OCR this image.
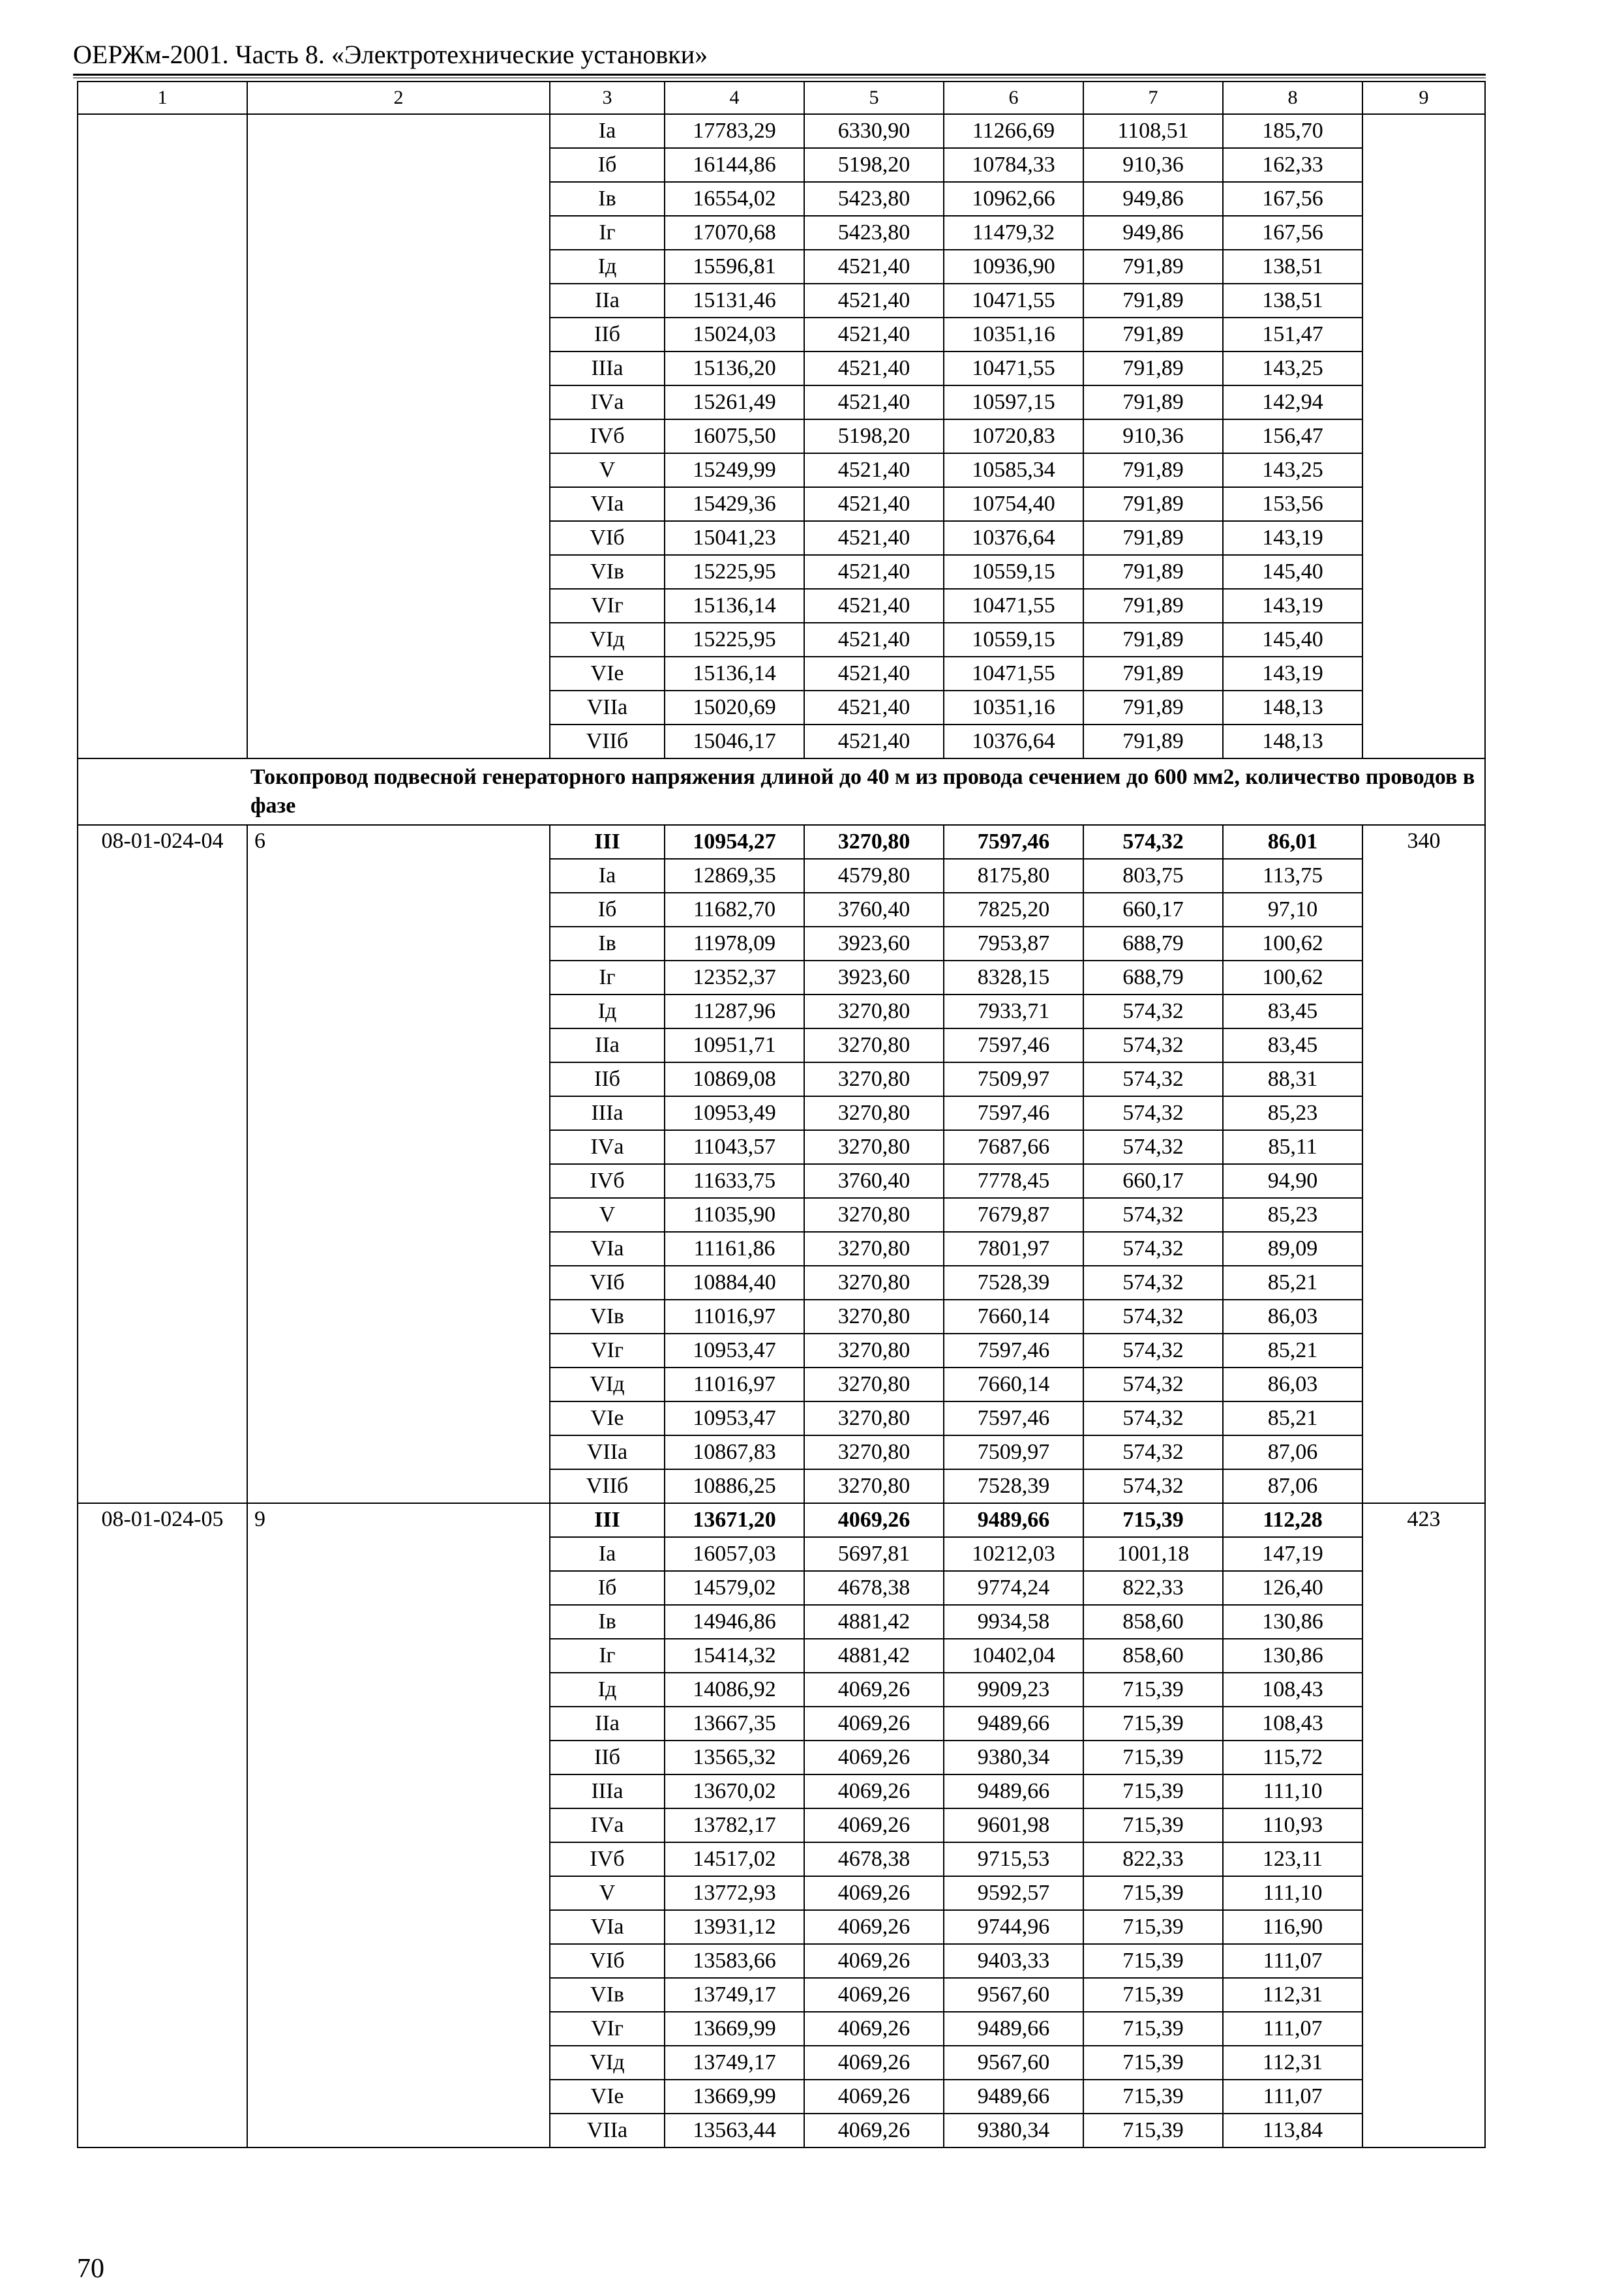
ОЕРЖм-2001. Часть 8. «Электротехнические установки»
1	2	3	4	5	6	7	8	9
		Iа	17783,29	6330,90	11266,69	1108,51	185,70	
		Iб	16144,86	5198,20	10784,33	910,36	162,33	
		Iв	16554,02	5423,80	10962,66	949,86	167,56	
		Iг	17070,68	5423,80	11479,32	949,86	167,56	
		Iд	15596,81	4521,40	10936,90	791,89	138,51	
		IIа	15131,46	4521,40	10471,55	791,89	138,51	
		IIб	15024,03	4521,40	10351,16	791,89	151,47	
		IIIа	15136,20	4521,40	10471,55	791,89	143,25	
		IVа	15261,49	4521,40	10597,15	791,89	142,94	
		IVб	16075,50	5198,20	10720,83	910,36	156,47	
		V	15249,99	4521,40	10585,34	791,89	143,25	
		VIа	15429,36	4521,40	10754,40	791,89	153,56	
		VIб	15041,23	4521,40	10376,64	791,89	143,19	
		VIв	15225,95	4521,40	10559,15	791,89	145,40	
		VIг	15136,14	4521,40	10471,55	791,89	143,19	
		VIд	15225,95	4521,40	10559,15	791,89	145,40	
		VIе	15136,14	4521,40	10471,55	791,89	143,19	
		VIIа	15020,69	4521,40	10351,16	791,89	148,13	
		VIIб	15046,17	4521,40	10376,64	791,89	148,13	
Токопровод подвесной генераторного напряжения длиной до 40 м из провода сечением до 600 мм2, количество проводов в фазе								
08-01-024-04	6	III	10954,27	3270,80	7597,46	574,32	86,01	340
		Iа	12869,35	4579,80	8175,80	803,75	113,75	
		Iб	11682,70	3760,40	7825,20	660,17	97,10	
		Iв	11978,09	3923,60	7953,87	688,79	100,62	
		Iг	12352,37	3923,60	8328,15	688,79	100,62	
		Iд	11287,96	3270,80	7933,71	574,32	83,45	
		IIа	10951,71	3270,80	7597,46	574,32	83,45	
		IIб	10869,08	3270,80	7509,97	574,32	88,31	
		IIIа	10953,49	3270,80	7597,46	574,32	85,23	
		IVа	11043,57	3270,80	7687,66	574,32	85,11	
		IVб	11633,75	3760,40	7778,45	660,17	94,90	
		V	11035,90	3270,80	7679,87	574,32	85,23	
		VIа	11161,86	3270,80	7801,97	574,32	89,09	
		VIб	10884,40	3270,80	7528,39	574,32	85,21	
		VIв	11016,97	3270,80	7660,14	574,32	86,03	
		VIг	10953,47	3270,80	7597,46	574,32	85,21	
		VIд	11016,97	3270,80	7660,14	574,32	86,03	
		VIе	10953,47	3270,80	7597,46	574,32	85,21	
		VIIа	10867,83	3270,80	7509,97	574,32	87,06	
		VIIб	10886,25	3270,80	7528,39	574,32	87,06	
08-01-024-05	9	III	13671,20	4069,26	9489,66	715,39	112,28	423
		Iа	16057,03	5697,81	10212,03	1001,18	147,19	
		Iб	14579,02	4678,38	9774,24	822,33	126,40	
		Iв	14946,86	4881,42	9934,58	858,60	130,86	
		Iг	15414,32	4881,42	10402,04	858,60	130,86	
		Iд	14086,92	4069,26	9909,23	715,39	108,43	
		IIа	13667,35	4069,26	9489,66	715,39	108,43	
		IIб	13565,32	4069,26	9380,34	715,39	115,72	
		IIIа	13670,02	4069,26	9489,66	715,39	111,10	
		IVа	13782,17	4069,26	9601,98	715,39	110,93	
		IVб	14517,02	4678,38	9715,53	822,33	123,11	
		V	13772,93	4069,26	9592,57	715,39	111,10	
		VIа	13931,12	4069,26	9744,96	715,39	116,90	
		VIб	13583,66	4069,26	9403,33	715,39	111,07	
		VIв	13749,17	4069,26	9567,60	715,39	112,31	
		VIг	13669,99	4069,26	9489,66	715,39	111,07	
		VIд	13749,17	4069,26	9567,60	715,39	112,31	
		VIе	13669,99	4069,26	9489,66	715,39	111,07	
		VIIа	13563,44	4069,26	9380,34	715,39	113,84	
70
